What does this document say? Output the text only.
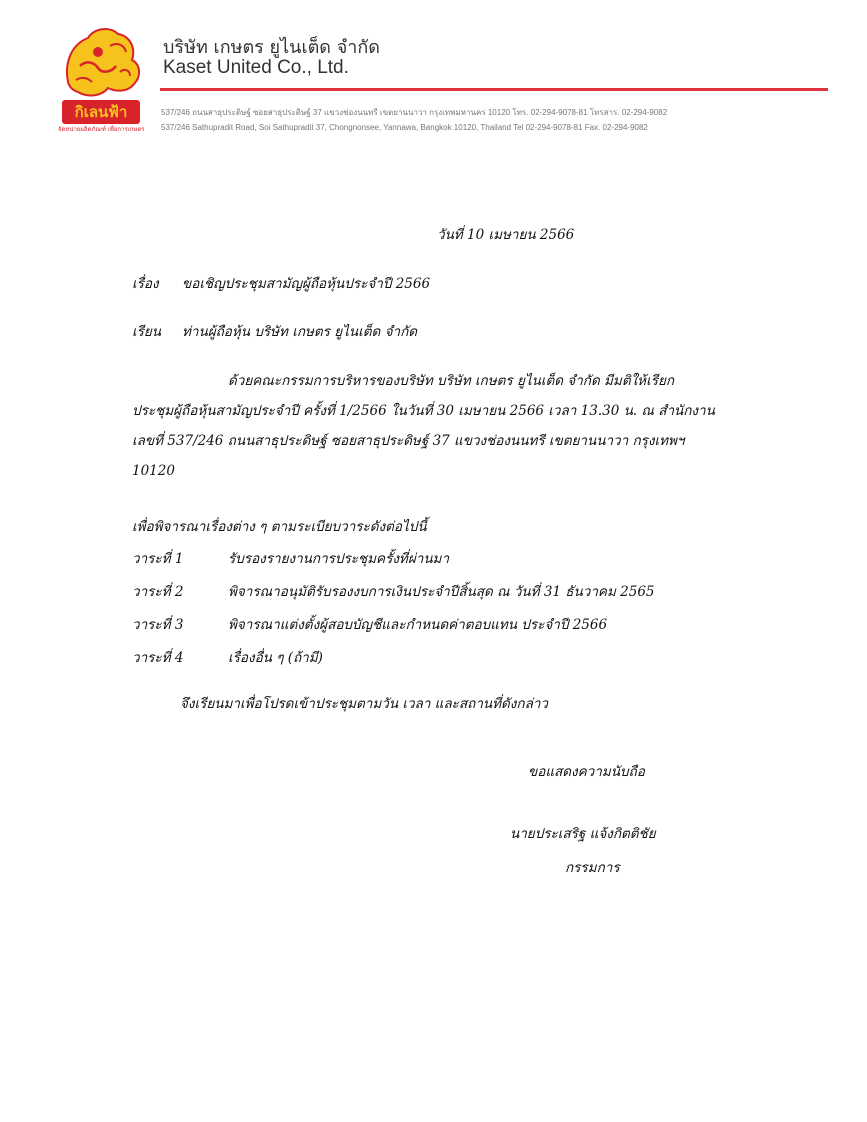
กิเลนฟ้า
จัดหน่ายผลิตภัณฑ์ เพื่อการเกษตร
บริษัท เกษตร ยูไนเต็ด จำกัด
Kaset United Co., Ltd.
537/246 ถนนสาธุประดิษฐ์ ซอยสาธุประดิษฐ์ 37 แขวงช่องนนทรี เขตยานนาวา กรุงเทพมหานคร 10120 โทร. 02-294-9078-81 โทรสาร. 02-294-9082
537/246 Sathupradit Road, Soi Sathupradit 37, Chongnonsee, Yannawa, Bangkok 10120, Thailand Tel 02-294-9078-81 Fax. 02-294-9082
วันที่ 10 เมษายน 2566
เรื่อง ขอเชิญประชุมสามัญผู้ถือหุ้นประจำปี 2566
เรียน ท่านผู้ถือหุ้น บริษัท เกษตร ยูไนเต็ด จำกัด
ด้วยคณะกรรมการบริหารของบริษัท บริษัท เกษตร ยูไนเต็ด จำกัด มีมติให้เรียก
ประชุมผู้ถือหุ้นสามัญประจำปี ครั้งที่ 1/2566 ในวันที่ 30 เมษายน 2566 เวลา 13.30 น. ณ สำนักงาน
เลขที่ 537/246 ถนนสาธุประดิษฐ์ ซอยสาธุประดิษฐ์ 37 แขวงช่องนนทรี เขตยานนาวา กรุงเทพฯ
10120
เพื่อพิจารณาเรื่องต่าง ๆ ตามระเบียบวาระดังต่อไปนี้
วาระที่ 1	รับรองรายงานการประชุมครั้งที่ผ่านมา
วาระที่ 2	พิจารณาอนุมัติรับรองงบการเงินประจำปีสิ้นสุด ณ วันที่ 31 ธันวาคม 2565
วาระที่ 3	พิจารณาแต่งตั้งผู้สอบบัญชีและกำหนดค่าตอบแทน ประจำปี 2566
วาระที่ 4	เรื่องอื่น ๆ (ถ้ามี)
จึงเรียนมาเพื่อโปรดเข้าประชุมตามวัน เวลา และสถานที่ดังกล่าว
ขอแสดงความนับถือ
นายประเสริฐ แจ้งกิตติชัย
กรรมการ
